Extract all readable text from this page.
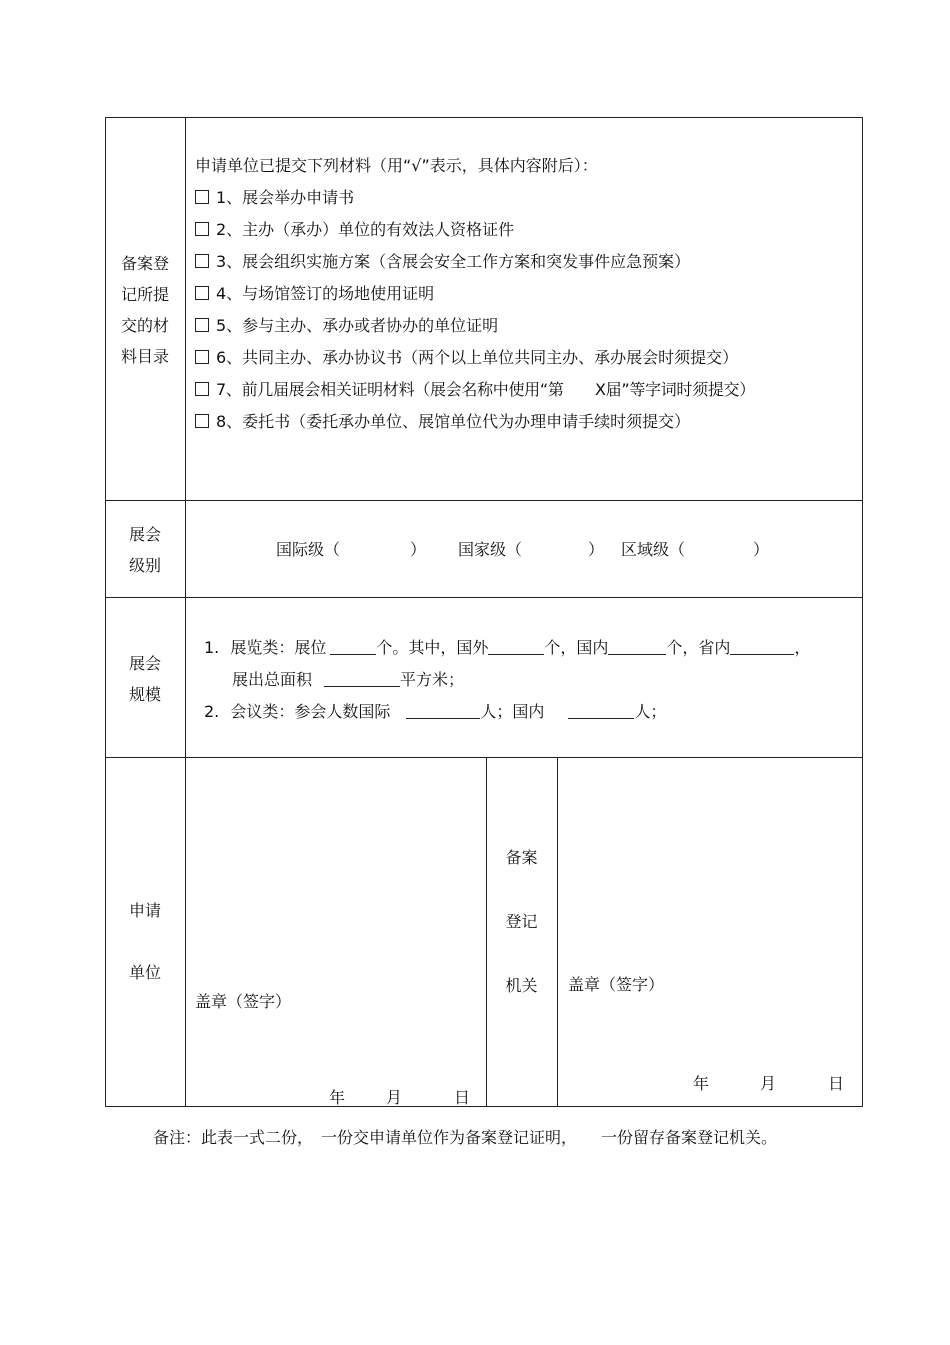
备案登
记所提
交的材
料目录
申请单位已提交下列材料（用“√”表示，具体内容附后）：
1、展会举办申请书
2、主办（承办）单位的有效法人资格证件
3、展会组织实施方案（含展会安全工作方案和突发事件应急预案）
4、与场馆签订的场地使用证明
5、参与主办、承办或者协办的单位证明
6、共同主办、承办协议书（两个以上单位共同主办、承办展会时须提交）
7、前几届展会相关证明材料（展会名称中使用“第　　X届”等字词时须提交）
8、委托书（委托承办单位、展馆单位代为办理申请手续时须提交）
展会
级别
国际级（	） 国家级（	） 区域级（	）
展会
规模
1. 展览类：展位	个。其中，国外	个，国内	个，省内	，
展出总面积	平方米；
2. 会议类：参会人数国际	人；国内	人；
申请
单位
盖章（签字）
年	月	日
备案
登记
机关	盖章（签字）
年	月	日
备注：此表一式二份，　一份交申请单位作为备案登记证明，　　一份留存备案登记机关。
